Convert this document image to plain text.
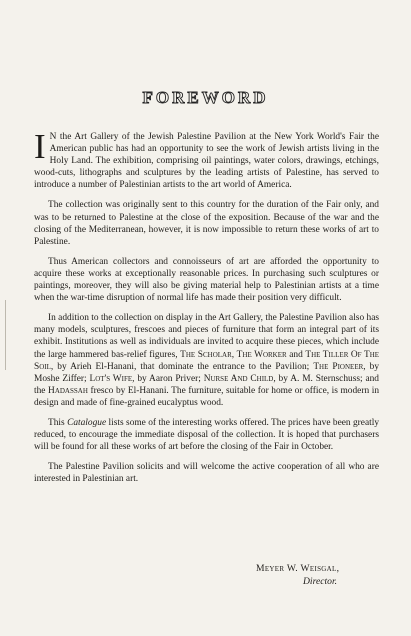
FOREWORD

I N the Art Gallery of the Jewish Palestine Pavilion at the New York World's Fair the American public has had an opportunity to see the work of Jewish artists living in the Holy Land. The exhibition, comprising oil paintings, water colors, drawings, etchings, wood-cuts, lithographs and sculptures by the leading artists of Palestine, has served to introduce a number of Palestinian artists to the art world of America.

The collection was originally sent to this country for the duration of the Fair only, and was to be returned to Palestine at the close of the exposition. Because of the war and the closing of the Mediterranean, however, it is now impossible to return these works of art to Palestine.

Thus American collectors and connoisseurs of art are afforded the opportunity to acquire these works at exceptionally reasonable prices. In purchasing such sculptures or paintings, moreover, they will also be giving material help to Palestinian artists at a time when the war-time disruption of normal life has made their position very difficult.

In addition to the collection on display in the Art Gallery, the Palestine Pavilion also has many models, sculptures, frescoes and pieces of furniture that form an integral part of its exhibit. Institutions as well as individuals are invited to acquire these pieces, which include the large hammered bas-relief figures, The Scholar, The Worker and The Tiller Of The Soil, by Arieh El-Hanani, that dominate the entrance to the Pavilion; The Pioneer, by Moshe Ziffer; Lot's Wife, by Aaron Priver; Nurse And Child, by A. M. Sternschuss; and the Hadassah fresco by El-Hanani. The furniture, suitable for home or office, is modern in design and made of fine-grained eucalyptus wood.

This Catalogue lists some of the interesting works offered. The prices have been greatly reduced, to encourage the immediate disposal of the collection. It is hoped that purchasers will be found for all these works of art before the closing of the Fair in October.

The Palestine Pavilion solicits and will welcome the active cooperation of all who are interested in Palestinian art.

Meyer W. Weisgal,
Director.
